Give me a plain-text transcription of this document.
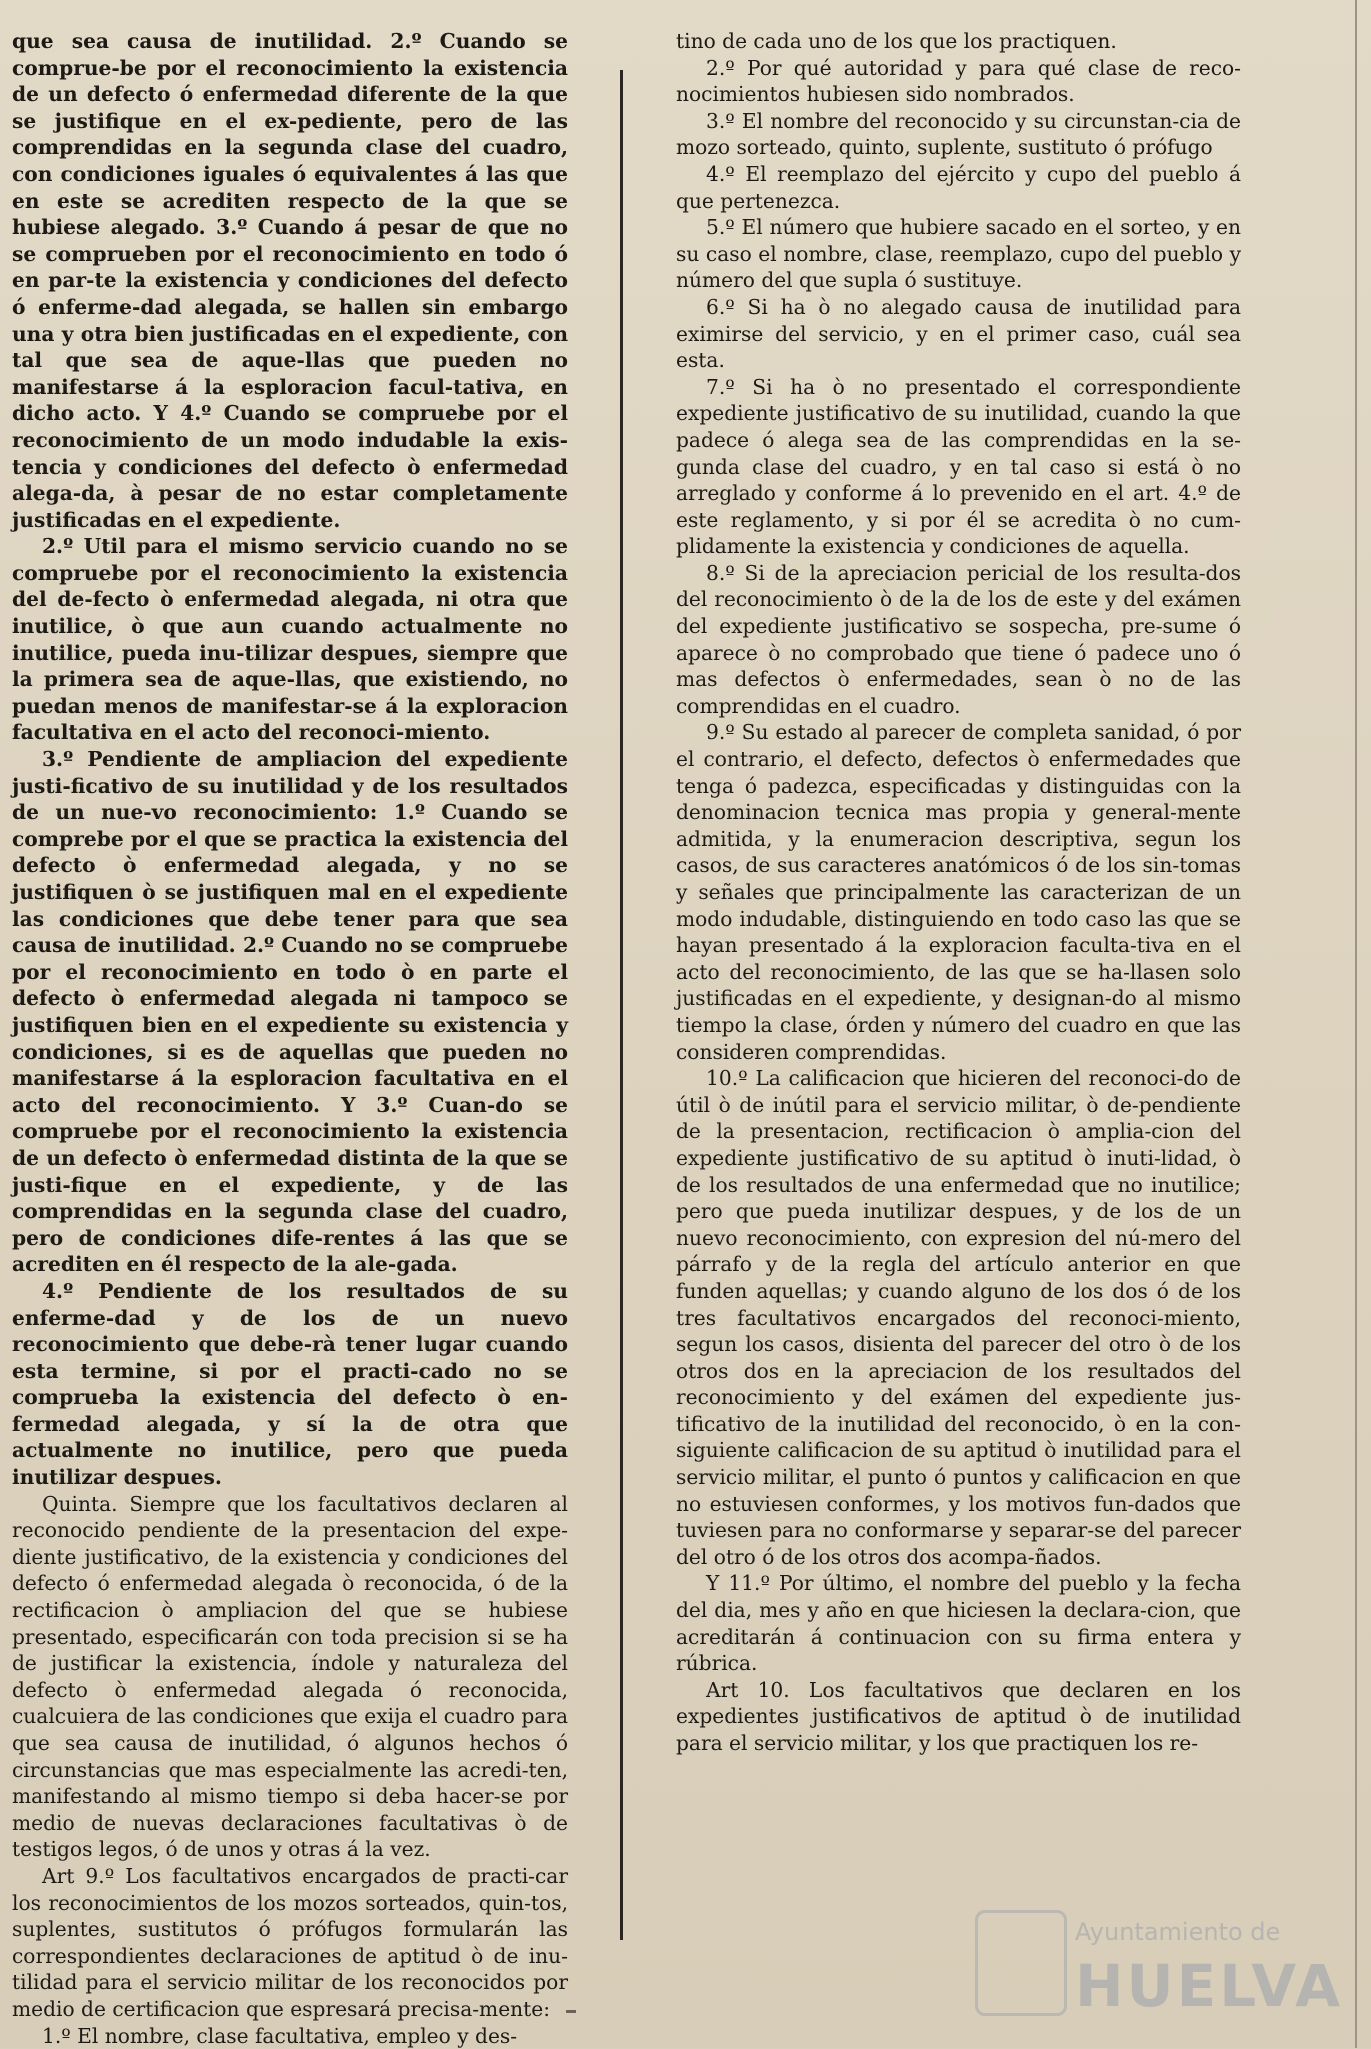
que sea causa de inutilidad. 2.º Cuando se comprue-be por el reconocimiento la existencia de un defecto ó enfermedad diferente de la que se justifique en el ex-pediente, pero de las comprendidas en la segunda clase del cuadro, con condiciones iguales ó equivalentes á las que en este se acrediten respecto de la que se hubiese alegado. 3.º Cuando á pesar de que no se comprueben por el reconocimiento en todo ó en par-te la existencia y condiciones del defecto ó enferme-dad alegada, se hallen sin embargo una y otra bien justificadas en el expediente, con tal que sea de aque-llas que pueden no manifestarse á la esploracion facul-tativa, en dicho acto. Y 4.º Cuando se compruebe por el reconocimiento de un modo indudable la exis-tencia y condiciones del defecto ò enfermedad alega-da, à pesar de no estar completamente justificadas en el expediente.

2.º Util para el mismo servicio cuando no se compruebe por el reconocimiento la existencia del de-fecto ò enfermedad alegada, ni otra que inutilice, ò que aun cuando actualmente no inutilice, pueda inu-tilizar despues, siempre que la primera sea de aque-llas, que existiendo, no puedan menos de manifestar-se á la exploracion facultativa en el acto del reconoci-miento.

3.º Pendiente de ampliacion del expediente justi-ficativo de su inutilidad y de los resultados de un nue-vo reconocimiento: 1.º Cuando se comprebe por el que se practica la existencia del defecto ò enfermedad alegada, y no se justifiquen ò se justifiquen mal en el expediente las condiciones que debe tener para que sea causa de inutilidad. 2.º Cuando no se compruebe por el reconocimiento en todo ò en parte el defecto ò enfermedad alegada ni tampoco se justifiquen bien en el expediente su existencia y condiciones, si es de aquellas que pueden no manifestarse á la esploracion facultativa en el acto del reconocimiento. Y 3.º Cuan-do se compruebe por el reconocimiento la existencia de un defecto ò enfermedad distinta de la que se justi-fique en el expediente, y de las comprendidas en la segunda clase del cuadro, pero de condiciones dife-rentes á las que se acrediten en él respecto de la ale-gada.

4.º Pendiente de los resultados de su enferme-dad y de los de un nuevo reconocimiento que debe-rà tener lugar cuando esta termine, si por el practi-cado no se comprueba la existencia del defecto ò en-fermedad alegada, y sí la de otra que actualmente no inutilice, pero que pueda inutilizar despues.

Quinta. Siempre que los facultativos declaren al reconocido pendiente de la presentacion del expe-diente justificativo, de la existencia y condiciones del defecto ó enfermedad alegada ò reconocida, ó de la rectificacion ò ampliacion del que se hubiese presentado, especificarán con toda precision si se ha de justificar la existencia, índole y naturaleza del defecto ò enfermedad alegada ó reconocida, cualcuiera de las condiciones que exija el cuadro para que sea causa de inutilidad, ó algunos hechos ó circunstancias que mas especialmente las acredi-ten, manifestando al mismo tiempo si deba hacer-se por medio de nuevas declaraciones facultativas ò de testigos legos, ó de unos y otras á la vez.

Art 9.º Los facultativos encargados de practi-car los reconocimientos de los mozos sorteados, quin-tos, suplentes, sustitutos ó prófugos formularán las correspondientes declaraciones de aptitud ò de inu-tilidad para el servicio militar de los reconocidos por medio de certificacion que espresará precisa-mente:

1.º El nombre, clase facultativa, empleo y des-

tino de cada uno de los que los practiquen.

2.º Por qué autoridad y para qué clase de reco-nocimientos hubiesen sido nombrados.

3.º El nombre del reconocido y su circunstan-cia de mozo sorteado, quinto, suplente, sustituto ó prófugo

4.º El reemplazo del ejército y cupo del pueblo á que pertenezca.

5.º El número que hubiere sacado en el sorteo, y en su caso el nombre, clase, reemplazo, cupo del pueblo y número del que supla ó sustituye.

6.º Si ha ò no alegado causa de inutilidad para eximirse del servicio, y en el primer caso, cuál sea esta.

7.º Si ha ò no presentado el correspondiente expediente justificativo de su inutilidad, cuando la que padece ó alega sea de las comprendidas en la se-gunda clase del cuadro, y en tal caso si está ò no arreglado y conforme á lo prevenido en el art. 4.º de este reglamento, y si por él se acredita ò no cum-plidamente la existencia y condiciones de aquella.

8.º Si de la apreciacion pericial de los resulta-dos del reconocimiento ò de la de los de este y del exámen del expediente justificativo se sospecha, pre-sume ó aparece ò no comprobado que tiene ó padece uno ó mas defectos ò enfermedades, sean ò no de las comprendidas en el cuadro.

9.º Su estado al parecer de completa sanidad, ó por el contrario, el defecto, defectos ò enfermedades que tenga ó padezca, especificadas y distinguidas con la denominacion tecnica mas propia y general-mente admitida, y la enumeracion descriptiva, segun los casos, de sus caracteres anatómicos ó de los sin-tomas y señales que principalmente las caracterizan de un modo indudable, distinguiendo en todo caso las que se hayan presentado á la exploracion faculta-tiva en el acto del reconocimiento, de las que se ha-llasen solo justificadas en el expediente, y designan-do al mismo tiempo la clase, órden y número del cuadro en que las consideren comprendidas.

10.º La calificacion que hicieren del reconoci-do de útil ò de inútil para el servicio militar, ò de-pendiente de la presentacion, rectificacion ò amplia-cion del expediente justificativo de su aptitud ò inuti-lidad, ò de los resultados de una enfermedad que no inutilice; pero que pueda inutilizar despues, y de los de un nuevo reconocimiento, con expresion del nú-mero del párrafo y de la regla del artículo anterior en que funden aquellas; y cuando alguno de los dos ó de los tres facultativos encargados del reconoci-miento, segun los casos, disienta del parecer del otro ò de los otros dos en la apreciacion de los resultados del reconocimiento y del exámen del expediente jus-tificativo de la inutilidad del reconocido, ò en la con-siguiente calificacion de su aptitud ò inutilidad para el servicio militar, el punto ó puntos y calificacion en que no estuviesen conformes, y los motivos fun-dados que tuviesen para no conformarse y separar-se del parecer del otro ó de los otros dos acompa-ñados.

Y 11.º Por último, el nombre del pueblo y la fecha del dia, mes y año en que hiciesen la declara-cion, que acreditarán á continuacion con su firma entera y rúbrica.

Art 10. Los facultativos que declaren en los expedientes justificativos de aptitud ò de inutilidad para el servicio militar, y los que practiquen los re-

Ayuntamiento de
HUELVA
